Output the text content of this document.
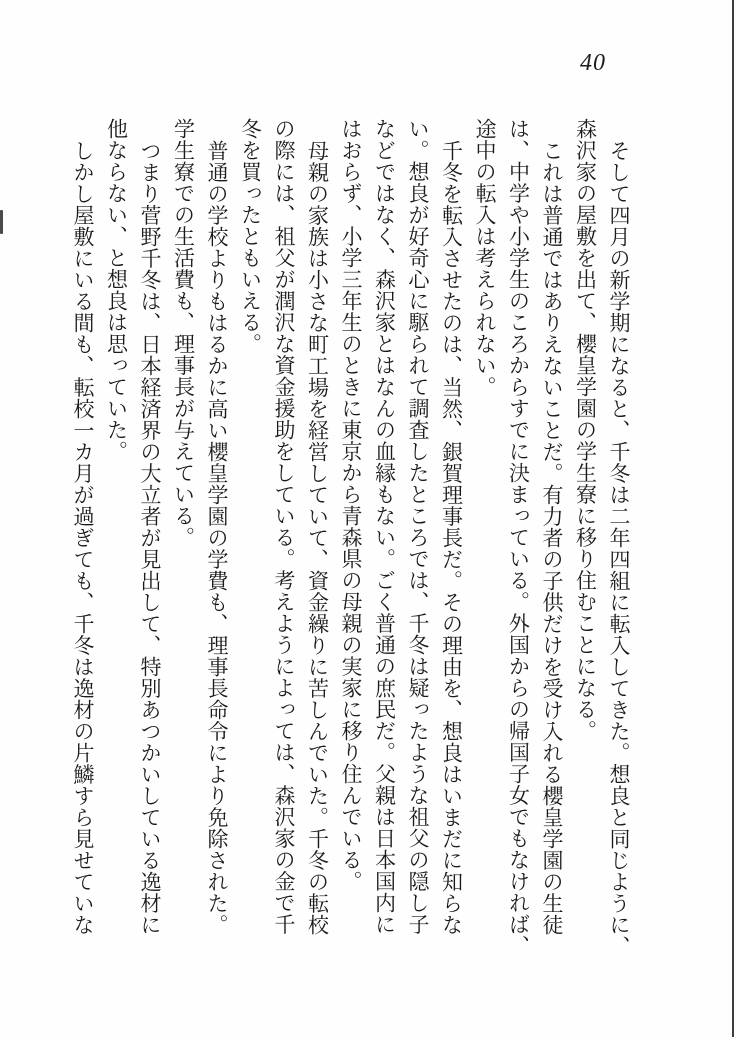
40
そして四月の新学期になると、千冬は二年四組に転入してきた。想良と同じように、
森沢家の屋敷を出て、櫻皇学園の学生寮に移り住むことになる。
これは普通ではありえないことだ。有力者の子供だけを受け入れる櫻皇学園の生徒
は、中学や小学生のころからすでに決まっている。外国からの帰国子女でもなければ、
途中の転入は考えられない。
千冬を転入させたのは、当然、銀賀理事長だ。その理由を、想良はいまだに知らな
い。想良が好奇心に駆られて調査したところでは、千冬は疑ったような祖父の隠し子
などではなく、森沢家とはなんの血縁もない。ごく普通の庶民だ。父親は日本国内に
はおらず、小学三年生のときに東京から青森県の母親の実家に移り住んでいる。
母親の家族は小さな町工場を経営していて、資金繰りに苦しんでいた。千冬の転校
の際には、祖父が潤沢な資金援助をしている。考えようによっては、森沢家の金で千
冬を買ったともいえる。
普通の学校よりもはるかに高い櫻皇学園の学費も、理事長命令により免除された。
学生寮での生活費も、理事長が与えている。
つまり菅野千冬は、日本経済界の大立者が見出して、特別あつかいしている逸材に
他ならない、と想良は思っていた。
しかし屋敷にいる間も、転校一カ月が過ぎても、千冬は逸材の片鱗すら見せていな
